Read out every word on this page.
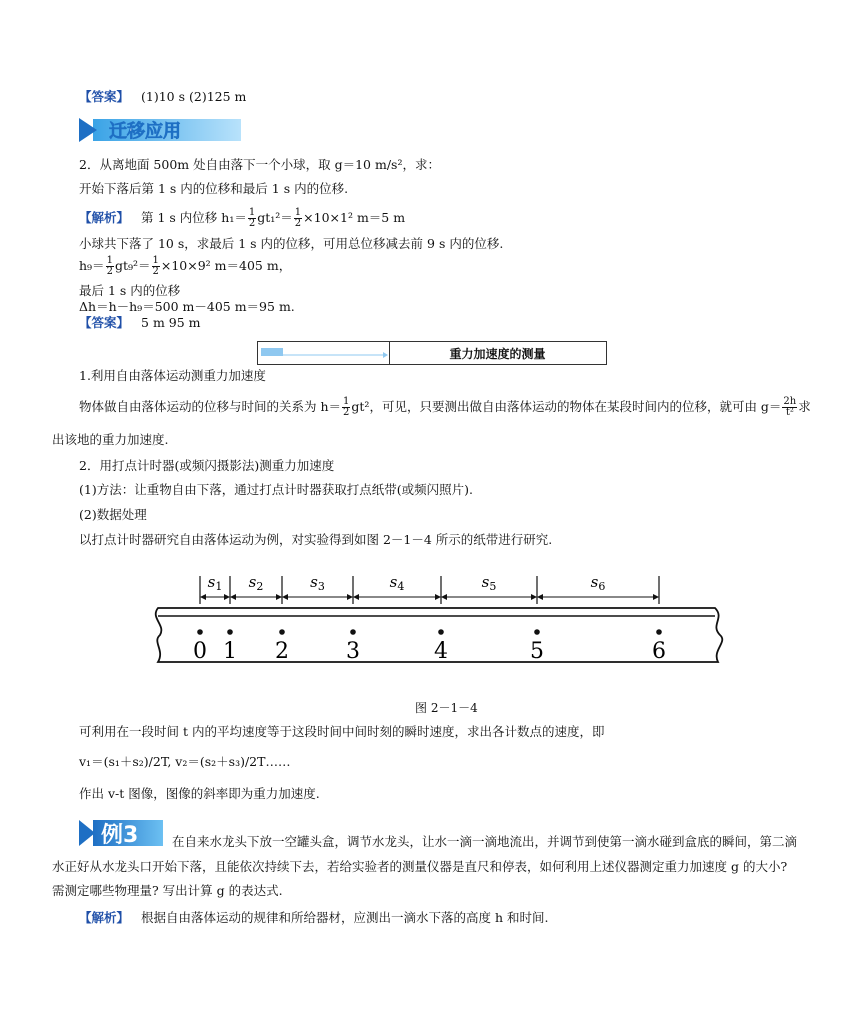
【答案】 (1)10 s (2)125 m
迁移应用
2．从离地面 500m 处自由落下一个小球，取 g＝10 m/s²，求：
开始下落后第 1 s 内的位移和最后 1 s 内的位移.
【解析】 第 1 s 内位移 $h_1= \frac{1}{2} gt_1^2= \frac{1}{2} \times 10\times 1^2$ m＝5 m
小球共下落了 10 s，求最后 1 s 内的位移，可用总位移减去前 9 s 内的位移.
$h_9= \frac{1}{2} gt_9^2= \frac{1}{2} \times 10\times 9^2$ m＝405 m，
最后 1 s 内的位移
Δh＝h－h₉＝500 m－405 m＝95 m.
【答案】 5 m 95 m
重力加速度的测量
1.利用自由落体运动测重力加速度
物体做自由落体运动的位移与时间的关系为 $h= \frac{1}{2} gt^2$，可见，只要测出做自由落体运动的物体在某段时间内的位移，就可由 $g= \frac{2h}{\text{t²}}$ 求
出该地的重力加速度.
2．用打点计时器(或频闪摄影法)测重力加速度
(1)方法：让重物自由下落，通过打点计时器获取打点纸带(或频闪照片).
(2)数据处理
以打点计时器研究自由落体运动为例，对实验得到如图 2－1－4 所示的纸带进行研究.
0 1 2	3	4	5	6
$s_1$ $s_2$	$s_3$	$s_4$	$s_5$	$s_6$
图 2－1－4
可利用在一段时间 t 内的平均速度等于这段时间中间时刻的瞬时速度，求出各计数点的速度，即
v₁＝(s₁＋s₂)/2T, v₂＝(s₂＋s₃)/2T……
作出 v-t 图像，图像的斜率即为重力加速度.
例3	在自来水龙头下放一空罐头盒，调节水龙头，让水一滴一滴地流出，并调节到使第一滴水碰到盒底的瞬间，第二滴
水正好从水龙头口开始下落，且能依次持续下去，若给实验者的测量仪器是直尺和停表，如何利用上述仪器测定重力加速度 g 的大小?
需测定哪些物理量? 写出计算 g 的表达式.
【解析】 根据自由落体运动的规律和所给器材，应测出一滴水下落的高度 h 和时间.
